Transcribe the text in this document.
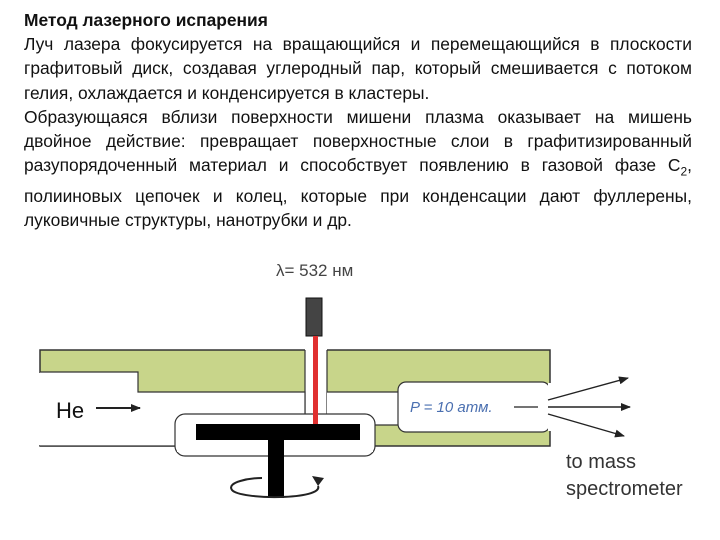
Метод лазерного испарения
Луч лазера фокусируется на вращающийся и перемещающийся в плоскости графитовый диск, создавая углеродный пар, который смешивается с потоком гелия, охлаждается и конденсируется в кластеры.
Образующаяся вблизи поверхности мишени плазма оказывает на мишень двойное действие: превращает поверхностные слои в графитизированный разупорядоченный материал и способствует появлению в газовой фазе $C_2$, полииновых цепочек и колец, которые при конденсации дают фуллерены, луковичные структуры, нанотрубки и др.
λ= 532 нм
He	P = 10 атм.
to mass
spectrometer
